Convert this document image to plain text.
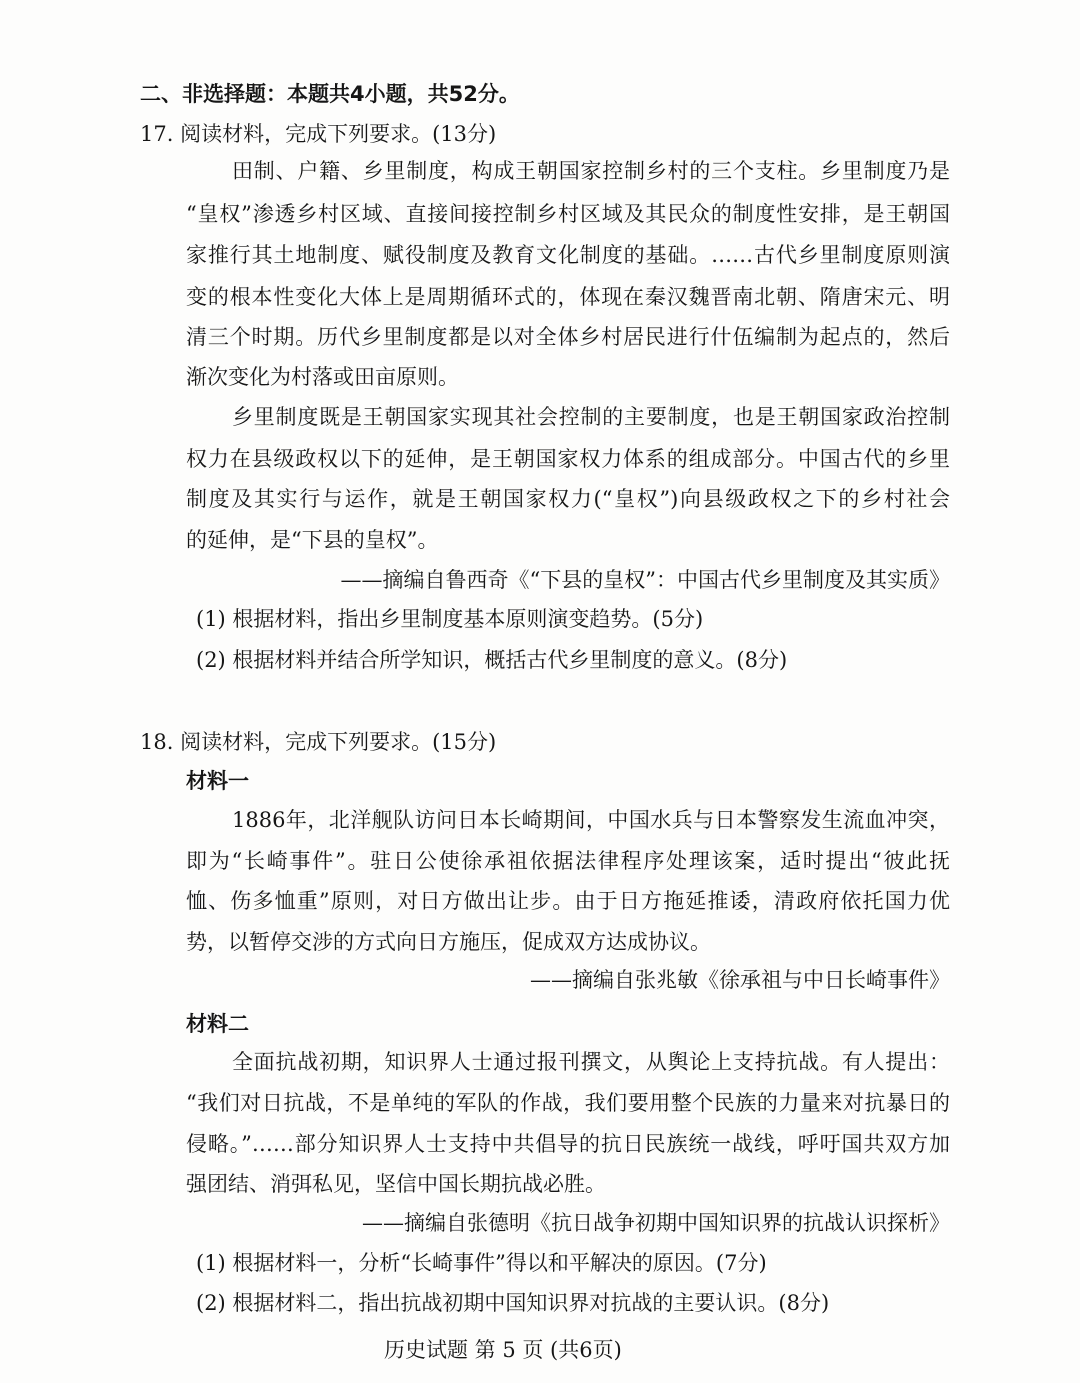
二、非选择题：本题共4小题，共52分。
17. 阅读材料，完成下列要求。(13分)
田制、户籍、乡里制度，构成王朝国家控制乡村的三个支柱。乡里制度乃是
“皇权”渗透乡村区域、直接间接控制乡村区域及其民众的制度性安排，是王朝国
家推行其土地制度、赋役制度及教育文化制度的基础。……古代乡里制度原则演
变的根本性变化大体上是周期循环式的，体现在秦汉魏晋南北朝、隋唐宋元、明
清三个时期。历代乡里制度都是以对全体乡村居民进行什伍编制为起点的，然后
渐次变化为村落或田亩原则。
乡里制度既是王朝国家实现其社会控制的主要制度，也是王朝国家政治控制
权力在县级政权以下的延伸，是王朝国家权力体系的组成部分。中国古代的乡里
制度及其实行与运作，就是王朝国家权力(“皇权”)向县级政权之下的乡村社会
的延伸，是“下县的皇权”。
——摘编自鲁西奇《“下县的皇权”：中国古代乡里制度及其实质》
(1) 根据材料，指出乡里制度基本原则演变趋势。(5分)
(2) 根据材料并结合所学知识，概括古代乡里制度的意义。(8分)
18. 阅读材料，完成下列要求。(15分)
材料一
1886年，北洋舰队访问日本长崎期间，中国水兵与日本警察发生流血冲突，
即为“长崎事件”。驻日公使徐承祖依据法律程序处理该案，适时提出“彼此抚
恤、伤多恤重”原则，对日方做出让步。由于日方拖延推诿，清政府依托国力优
势，以暂停交涉的方式向日方施压，促成双方达成协议。
——摘编自张兆敏《徐承祖与中日长崎事件》
材料二
全面抗战初期，知识界人士通过报刊撰文，从舆论上支持抗战。有人提出：
“我们对日抗战，不是单纯的军队的作战，我们要用整个民族的力量来对抗暴日的
侵略。”……部分知识界人士支持中共倡导的抗日民族统一战线，呼吁国共双方加
强团结、消弭私见，坚信中国长期抗战必胜。
——摘编自张德明《抗日战争初期中国知识界的抗战认识探析》
(1) 根据材料一，分析“长崎事件”得以和平解决的原因。(7分)
(2) 根据材料二，指出抗战初期中国知识界对抗战的主要认识。(8分)
历史试题 第 5 页 (共6页)
